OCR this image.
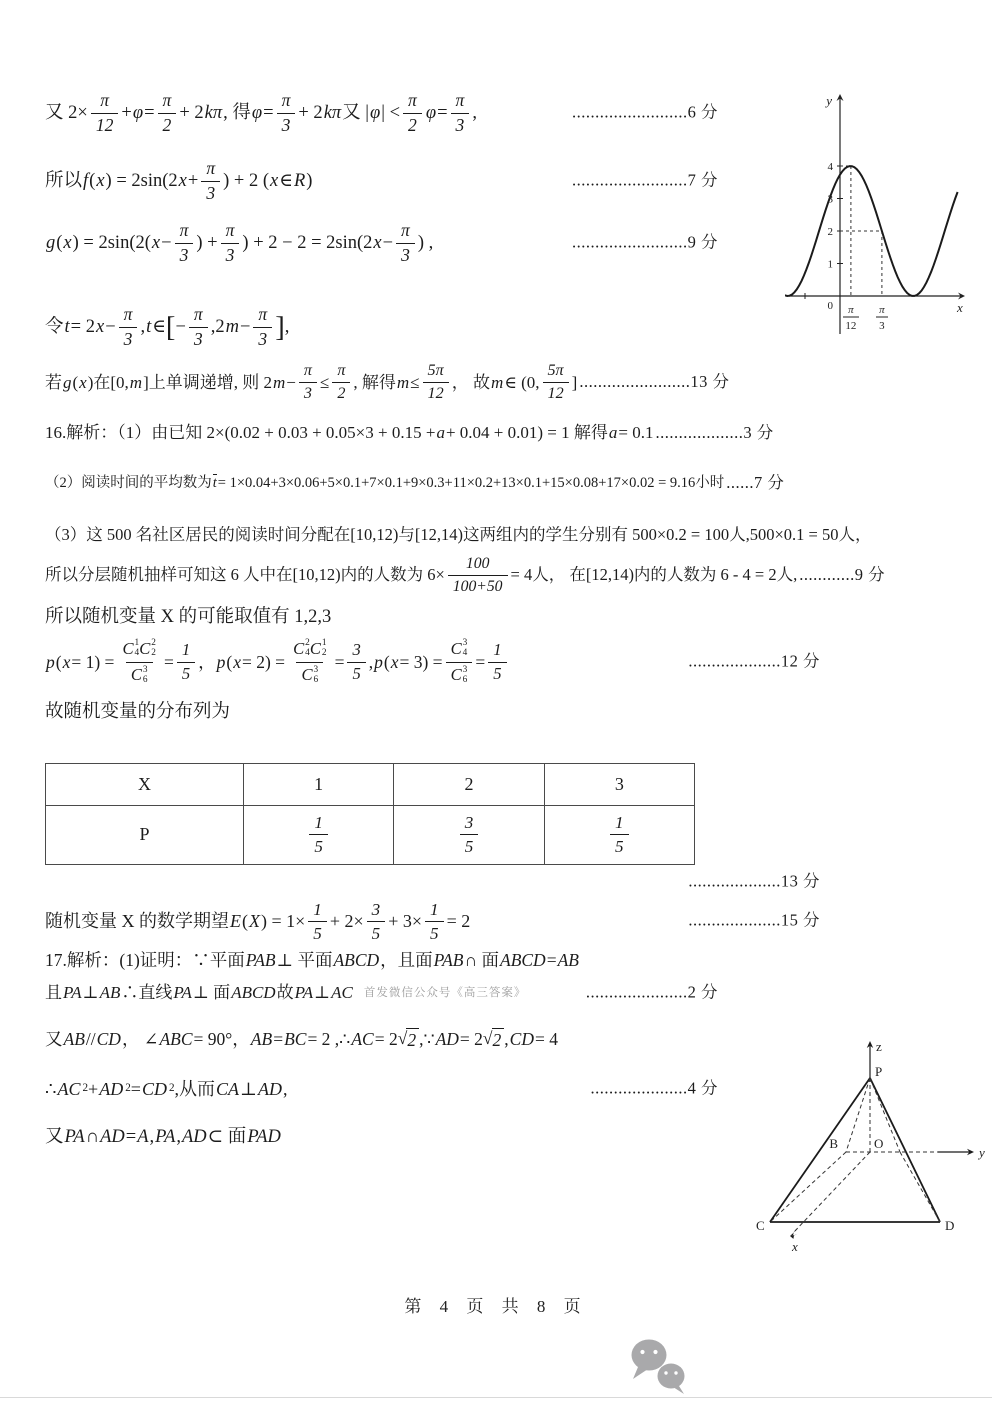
又 $2\times \frac{\pi}{12} + \varphi = \frac{\pi}{2} + 2$ kπ , 得 $\varphi = \frac{\pi}{3} + 2$ kπ 又 | φ | < $\frac{\pi}{2}$ $\varphi = \frac{\pi}{3}$ ,	.........................6 分
所以 f ( x ) = 2sin(2 $x + \frac{\pi}{3}$ ) + 2 ( x ∈ R )	.........................7 分
g ( x ) = 2sin(2( $x - \frac{\pi}{3}$ ) + $\frac{\pi}{3}$ ) + 2 − 2 = 2sin(2 $x - \frac{\pi}{3}$ ) ,	.........................9 分
令 t = 2 $x - \frac{\pi}{3}$ , t ∈ [ − $\frac{\pi}{3} ,2$ $m - \frac{\pi}{3}$ ] ,
若 g ( x )在[0, m ]上单调递增, 则 2 $m - \frac{\pi}{3} \le \frac{\pi}{2}$ , 解得 $m \le \frac{5\pi}{12}$ ， 故 m ∈ (0, $\frac{5\pi}{12}$ ] ........................13 分
16.解析：（1）由已知 2×(0.02 + 0.03 + 0.05×3 + 0.15 + a + 0.04 + 0.01) = 1 解得 a = 0.1 ...................3 分
（2）阅读时间的平均数为 t = 1×0.04+3×0.06+5×0.1+7×0.1+9×0.3+11×0.2+13×0.1+15×0.08+17×0.02 = 9.16小时 ......7 分
（3）这 500 名社区居民的阅读时间分配在[10,12)与[12,14)这两组内的学生分别有 500×0.2 = 100人,500×0.1 = 50人，
所以分层随机抽样可知这 6 人中在[10,12)内的人数为 $6\times \frac{100}{100+50} = 4$人， 在[12,14)内的人数为 6 - 4 = 2人, ............9 分
所以随机变量 X 的可能取值有 1,2,3
p ( x = 1) = C 1
4 C 2
2
C 3
$6 = \frac{1}{5}$ ， p ( x = 2) = C 2
4 C 1
2
C 3
$6 = \frac{3}{5}$ , p ( x = 3) = C 3
4
C 3
$6 = \frac{1}{5}$	....................12 分
故随机变量的分布列为
X	1	2	3
P	$\frac{1}{5}$	$\frac{3}{5}$	$\frac{1}{5}$
....................13 分
随机变量 X 的数学期望 E ( X ) = $1\times \frac{1}{5} + 2\times \frac{3}{5} + 3\times \frac{1}{5} = 2$	....................15 分
17.解析：(1)证明：∵平面 PAB ⊥ 平面 ABCD ，且面 PAB ∩ 面 ABCD = AB
且 PA ⊥ AB ∴直线 PA ⊥ 面 ABCD 故 PA ⊥ AC 首发微信公众号《高三答案》	......................2 分
又 AB // CD ， ∠ ABC = 90°， AB = BC = 2 ,∴ AC = 2 √ 2 ,∵ AD = 2 √ 2 , CD = 4
∴ AC 2 + AD 2 = CD 2 ,从而 CA ⊥ AD ,	.....................4 分
又 PA ∩ AD = A , PA , AD ⊂ 面 PAD
4
3
2
1
y
x
0 π
12
π
3
z
P
B	O
y
C	D
x
第 4 页 共 8 页
